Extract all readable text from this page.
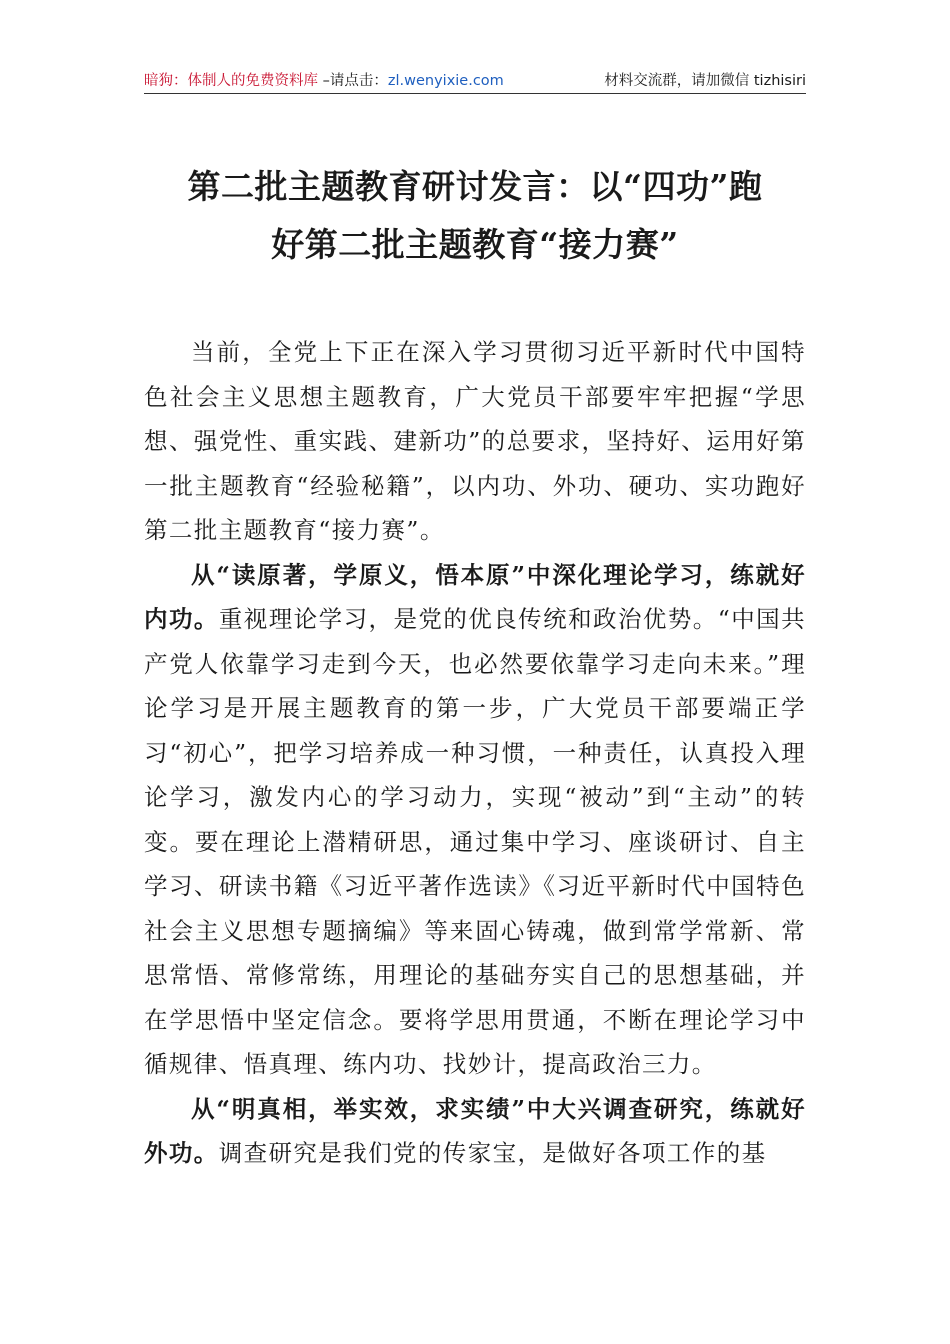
暗狗：体制人的免费资料库 –请点击：zl.wenyixie.com	材料交流群，请加微信 tizhisiri
第二批主题教育研讨发言：以“四功”跑
好第二批主题教育“接力赛”

当前，全党上下正在深入学习贯彻习近平新时代中国特色社会主义思想主题教育，广大党员干部要牢牢把握“学思想、强党性、重实践、建新功”的总要求，坚持好、运用好第一批主题教育“经验秘籍”，以内功、外功、硬功、实功跑好第二批主题教育“接力赛”。

从“读原著，学原义，悟本原”中深化理论学习，练就好内功。重视理论学习，是党的优良传统和政治优势。“中国共产党人依靠学习走到今天，也必然要依靠学习走向未来。”理论学习是开展主题教育的第一步，广大党员干部要端正学习“初心”，把学习培养成一种习惯，一种责任，认真投入理论学习，激发内心的学习动力，实现“被动”到“主动”的转变。要在理论上潜精研思，通过集中学习、座谈研讨、自主学习、研读书籍《习近平著作选读》《习近平新时代中国特色社会主义思想专题摘编》等来固心铸魂，做到常学常新、常思常悟、常修常练，用理论的基础夯实自己的思想基础，并在学思悟中坚定信念。要将学思用贯通，不断在理论学习中循规律、悟真理、练内功、找妙计，提高政治三力。

从“明真相，举实效，求实绩”中大兴调查研究，练就好外功。调查研究是我们党的传家宝，是做好各项工作的基
